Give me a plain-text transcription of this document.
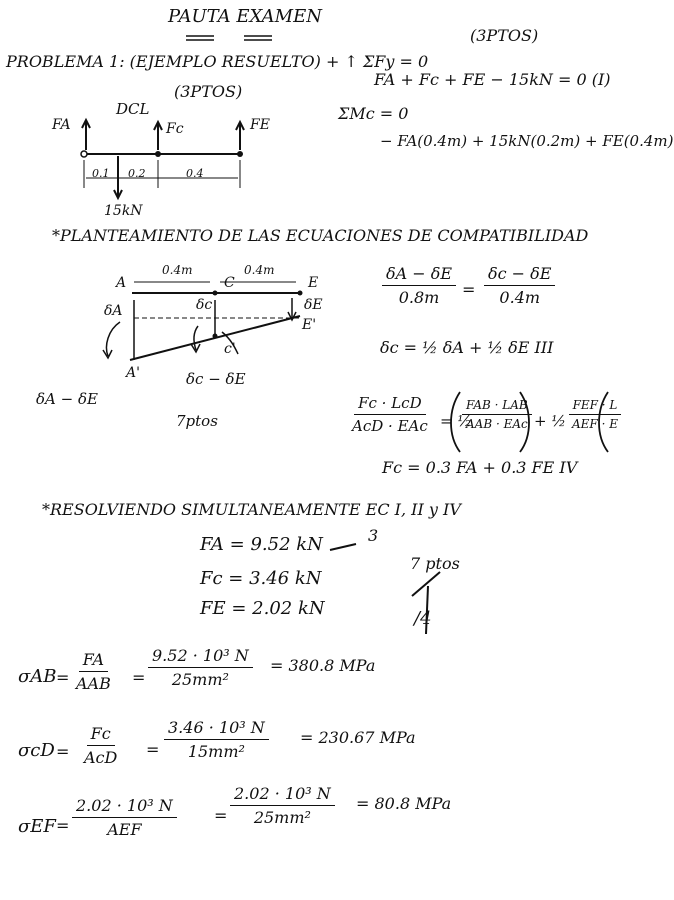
PAUTA EXAMEN
(3PTOS)
PROBLEMA 1: (EJEMPLO RESUELTO) + ↑ ΣFy = 0
FA + Fc + FE − 15kN = 0 (I)
(3PTOS)
ΣMc = 0
− FA(0.4m) + 15kN(0.2m) + FE(0.4m)
DCL
FA	Fc	FE
0.1 0.2	0.4
15kN
*PLANTEAMIENTO DE LAS ECUACIONES DE COMPATIBILIDAD
A	C	E
0.4m	0.4m
δA	δc	δE
E'
c'
A'	δc − δE
δA − δE
7ptos
$\frac{\delta A - \delta E}{0.8m} = \frac{\delta c - \delta E}{0.4m}$
δc = ½ δA + ½ δE III
Fc · LcD
AcD · EAc = ½
FAB · LAB
AAB · EAc + ½
FEF · L
AEF · E
Fc = 0.3 FA + 0.3 FE IV
*RESOLVIENDO SIMULTANEAMENTE EC I, II y IV
FA = 9.52 kN	3
7 ptos
Fc = 3.46 kN
FE = 2.02 kN	/4
σAB =
FA
AAB = $\frac{\text{9.52 · 10³ N}}{\text{25mm²}} = 380.8$ MPa
σcD =
Fc
AcD = $\frac{\text{3.46 · 10³ N}}{\text{15mm²}} = 230.67$ MPa
σEF =
2.02 · 10³ N
AEF
= $\frac{\text{2.02 · 10³ N}}{\text{25mm²}} = 80.8$ MPa
